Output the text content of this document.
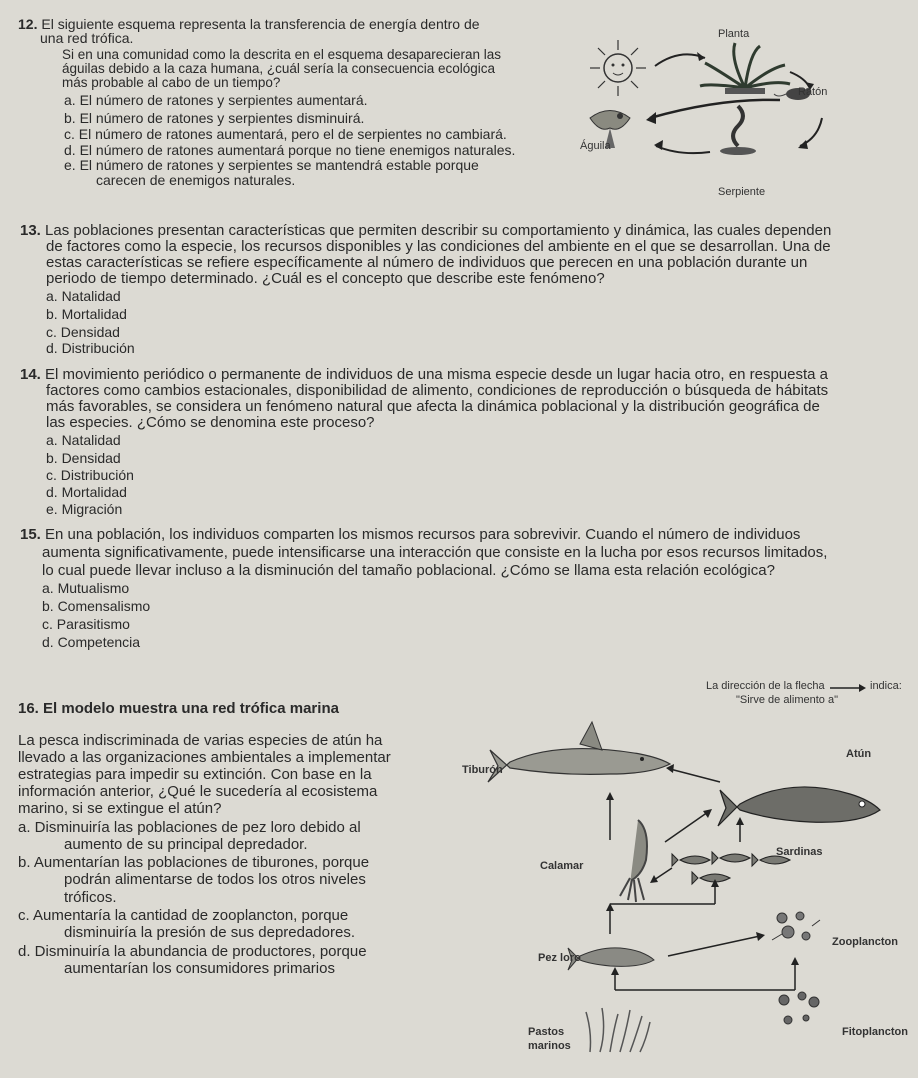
12. El siguiente esquema representa la transferencia de energía dentro de
una red trófica.
Si en una comunidad como la descrita en el esquema desaparecieran las
águilas debido a la caza humana, ¿cuál sería la consecuencia ecológica
más probable al cabo de un tiempo?
a. El número de ratones y serpientes aumentará.
b. El número de ratones y serpientes disminuirá.
c. El número de ratones aumentará, pero el de serpientes no cambiará.
d. El número de ratones aumentará porque no tiene enemigos naturales.
e. El número de ratones y serpientes se mantendrá estable porque
carecen de enemigos naturales.
Planta
Ratón
Águila
Serpiente
13. Las poblaciones presentan características que permiten describir su comportamiento y dinámica, las cuales dependen
de factores como la especie, los recursos disponibles y las condiciones del ambiente en el que se desarrollan. Una de
estas características se refiere específicamente al número de individuos que perecen en una población durante un
periodo de tiempo determinado. ¿Cuál es el concepto que describe este fenómeno?
a. Natalidad
b. Mortalidad
c. Densidad
d. Distribución
14. El movimiento periódico o permanente de individuos de una misma especie desde un lugar hacia otro, en respuesta a
factores como cambios estacionales, disponibilidad de alimento, condiciones de reproducción o búsqueda de hábitats
más favorables, se considera un fenómeno natural que afecta la dinámica poblacional y la distribución geográfica de
las especies. ¿Cómo se denomina este proceso?
a. Natalidad
b. Densidad
c. Distribución
d. Mortalidad
e. Migración
15. En una población, los individuos comparten los mismos recursos para sobrevivir. Cuando el número de individuos
aumenta significativamente, puede intensificarse una interacción que consiste en la lucha por esos recursos limitados,
lo cual puede llevar incluso a la disminución del tamaño poblacional. ¿Cómo se llama esta relación ecológica?
a. Mutualismo
b. Comensalismo
c. Parasitismo
d. Competencia
16. El modelo muestra una red trófica marina
La pesca indiscriminada de varias especies de atún ha
llevado a las organizaciones ambientales a implementar
estrategias para impedir su extinción. Con base en la
información anterior, ¿Qué le sucedería al ecosistema
marino, si se extingue el atún?
a. Disminuiría las poblaciones de pez loro debido al
aumento de su principal depredador.
b. Aumentarían las poblaciones de tiburones, porque
podrán alimentarse de todos los otros niveles
tróficos.
c. Aumentaría la cantidad de zooplancton, porque
disminuiría la presión de sus depredadores.
d. Disminuiría la abundancia de productores, porque
aumentarían los consumidores primarios
La dirección de la flecha	indica:
"Sirve de alimento a"
Tiburón
Atún
Calamar
Sardinas
Zooplancton
Pez loro
Pastos
marinos
Fitoplancton
